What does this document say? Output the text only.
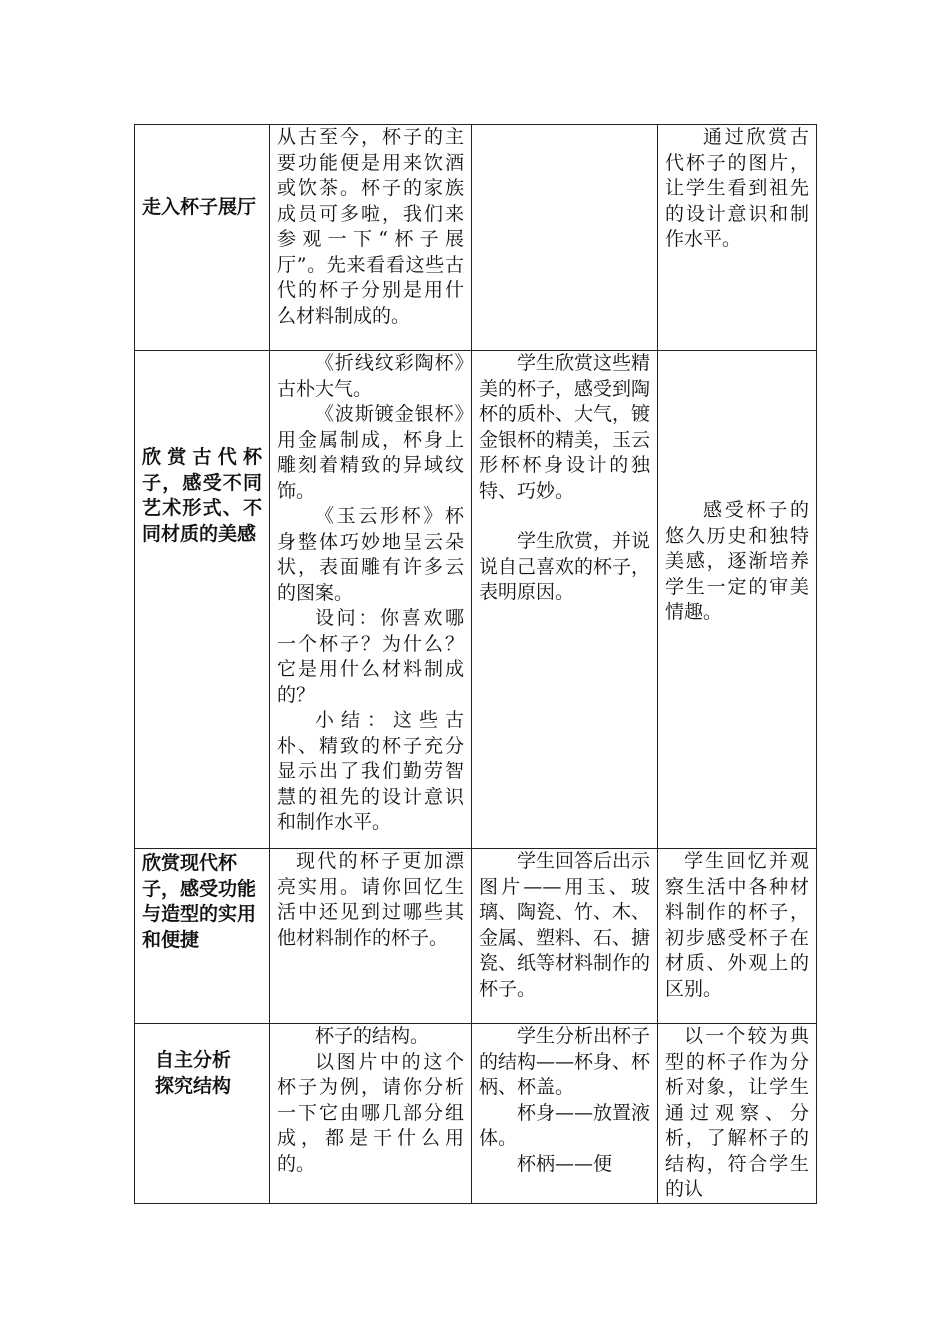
走入杯子展厅	从古至今，杯子的主要功能便是用来饮酒或饮茶。杯子的家族成员可多啦，我们来参观一下“杯子展厅”。先来看看这些古代的杯子分别是用什么材料制成的。		通过欣赏古代杯子的图片，让学生看到祖先的设计意识和制作水平。

欣赏古代杯子，感受不同艺术形式、不同材质的美感	《折线纹彩陶杯》古朴大气。
《波斯镀金银杯》用金属制成，杯身上雕刻着精致的异域纹饰。
《玉云形杯》杯身整体巧妙地呈云朵状，表面雕有许多云的图案。
设问：你喜欢哪一个杯子？为什么？它是用什么材料制成的？
小结：这些古朴、精致的杯子充分显示出了我们勤劳智慧的祖先的设计意识和制作水平。	学生欣赏这些精美的杯子，感受到陶杯的质朴、大气，镀金银杯的精美，玉云形杯杯身设计的独特、巧妙。
学生欣赏，并说说自己喜欢的杯子，表明原因。	感受杯子的悠久历史和独特美感，逐渐培养学生一定的审美情趣。

欣赏现代杯子，感受功能与造型的实用和便捷	现代的杯子更加漂亮实用。请你回忆生活中还见到过哪些其他材料制作的杯子。	学生回答后出示图片——用玉、玻璃、陶瓷、竹、木、金属、塑料、石、搪瓷、纸等材料制作的杯子。	学生回忆并观察生活中各种材料制作的杯子，初步感受杯子在材质、外观上的区别。

自主分析探究结构	杯子的结构。
以图片中的这个杯子为例，请你分析一下它由哪几部分组成，都是干什么用的。	学生分析出杯子的结构——杯身、杯柄、杯盖。
杯身——放置液体。
杯柄——便	以一个较为典型的杯子作为分析对象，让学生通过观察、分析，了解杯子的结构，符合学生的认
